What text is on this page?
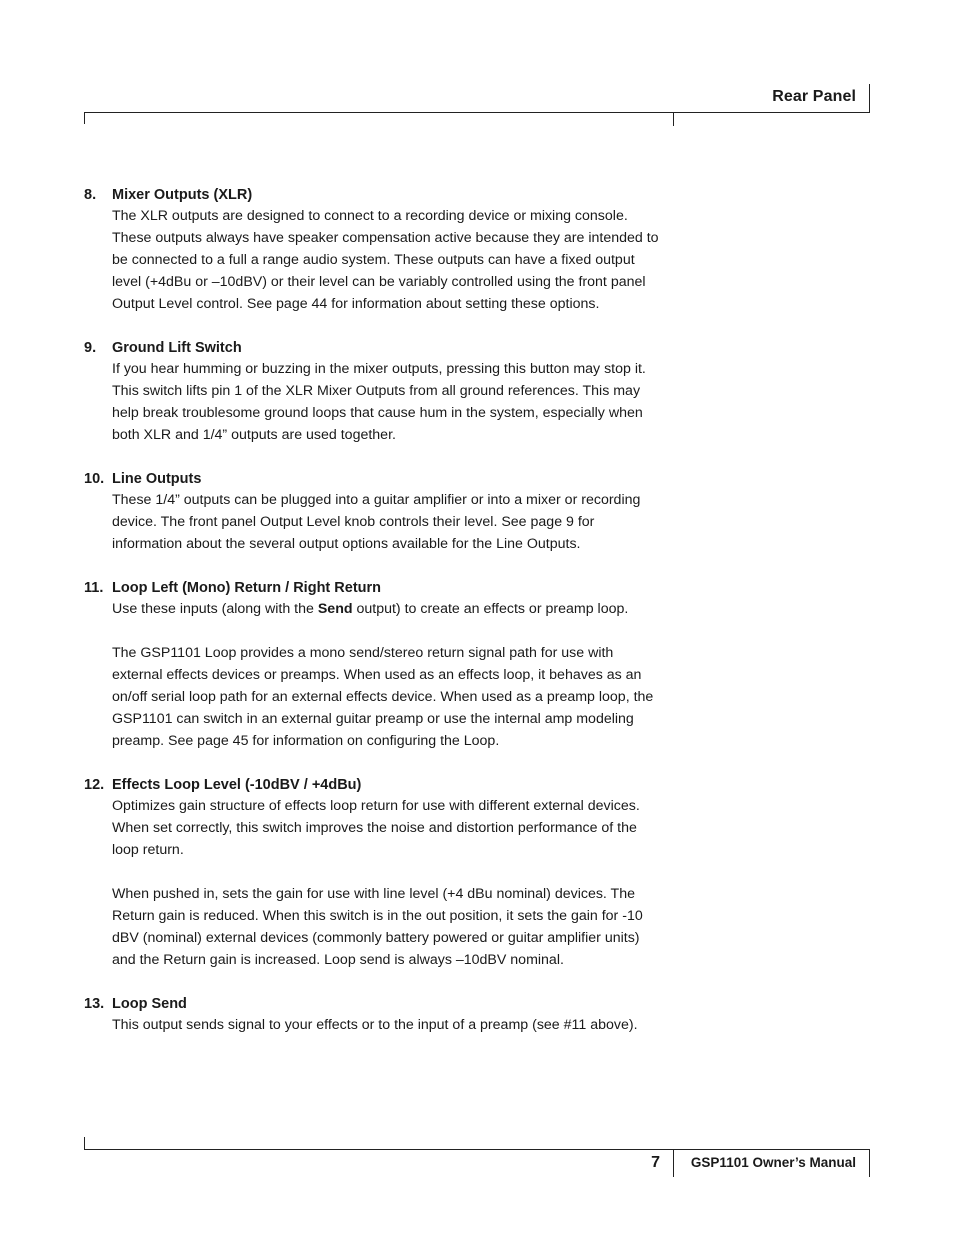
Rear Panel
8.	Mixer Outputs (XLR)

The XLR outputs are designed to connect to a recording device or mixing console.
These outputs always have speaker compensation active because they are intended to
be connected to a full a range audio system. These outputs can have a fixed output
level (+4dBu or –10dBV) or their level can be variably controlled using the front panel
Output Level control. See page 44 for information about setting these options.

9.	Ground Lift Switch

If you hear humming or buzzing in the mixer outputs, pressing this button may stop it.
This switch lifts pin 1 of the XLR Mixer Outputs from all ground references. This may
help break troublesome ground loops that cause hum in the system, especially when
both XLR and 1/4” outputs are used together.

10. Line Outputs

These 1/4” outputs can be plugged into a guitar amplifier or into a mixer or recording
device. The front panel Output Level knob controls their level. See page 9 for
information about the several output options available for the Line Outputs.

11. Loop Left (Mono) Return / Right Return

Use these inputs (along with the Send output) to create an effects or preamp loop.

The GSP1101 Loop provides a mono send/stereo return signal path for use with
external effects devices or preamps. When used as an effects loop, it behaves as an
on/off serial loop path for an external effects device. When used as a preamp loop, the
GSP1101 can switch in an external guitar preamp or use the internal amp modeling
preamp. See page 45 for information on configuring the Loop.

12. Effects Loop Level (-10dBV / +4dBu)

Optimizes gain structure of effects loop return for use with different external devices.
When set correctly, this switch improves the noise and distortion performance of the
loop return.

When pushed in, sets the gain for use with line level (+4 dBu nominal) devices. The
Return gain is reduced. When this switch is in the out position, it sets the gain for -10
dBV (nominal) external devices (commonly battery powered or guitar amplifier units)
and the Return gain is increased. Loop send is always –10dBV nominal.

13. Loop Send

This output sends signal to your effects or to the input of a preamp (see #11 above).

7	GSP1101 Owner’s Manual
